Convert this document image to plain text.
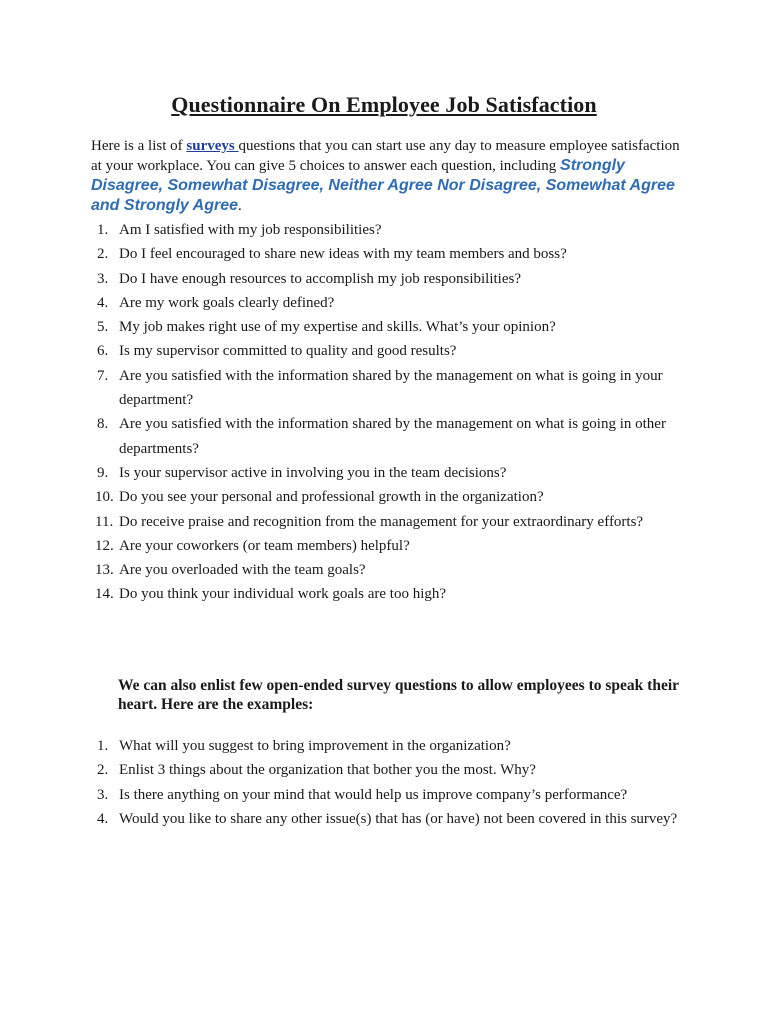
Questionnaire On Employee Job Satisfaction
Here is a list of surveys questions that you can start use any day to measure employee satisfaction at your workplace. You can give 5 choices to answer each question, including Strongly Disagree, Somewhat Disagree, Neither Agree Nor Disagree, Somewhat Agree and Strongly Agree.
1. Am I satisfied with my job responsibilities?
2. Do I feel encouraged to share new ideas with my team members and boss?
3. Do I have enough resources to accomplish my job responsibilities?
4. Are my work goals clearly defined?
5. My job makes right use of my expertise and skills. What’s your opinion?
6. Is my supervisor committed to quality and good results?
7. Are you satisfied with the information shared by the management on what is going in your department?
8. Are you satisfied with the information shared by the management on what is going in other departments?
9. Is your supervisor active in involving you in the team decisions?
10. Do you see your personal and professional growth in the organization?
11. Do receive praise and recognition from the management for your extraordinary efforts?
12. Are your coworkers (or team members) helpful?
13. Are you overloaded with the team goals?
14. Do you think your individual work goals are too high?
We can also enlist few open-ended survey questions to allow employees to speak their heart. Here are the examples:
1. What will you suggest to bring improvement in the organization?
2. Enlist 3 things about the organization that bother you the most. Why?
3. Is there anything on your mind that would help us improve company’s performance?
4. Would you like to share any other issue(s) that has (or have) not been covered in this survey?
